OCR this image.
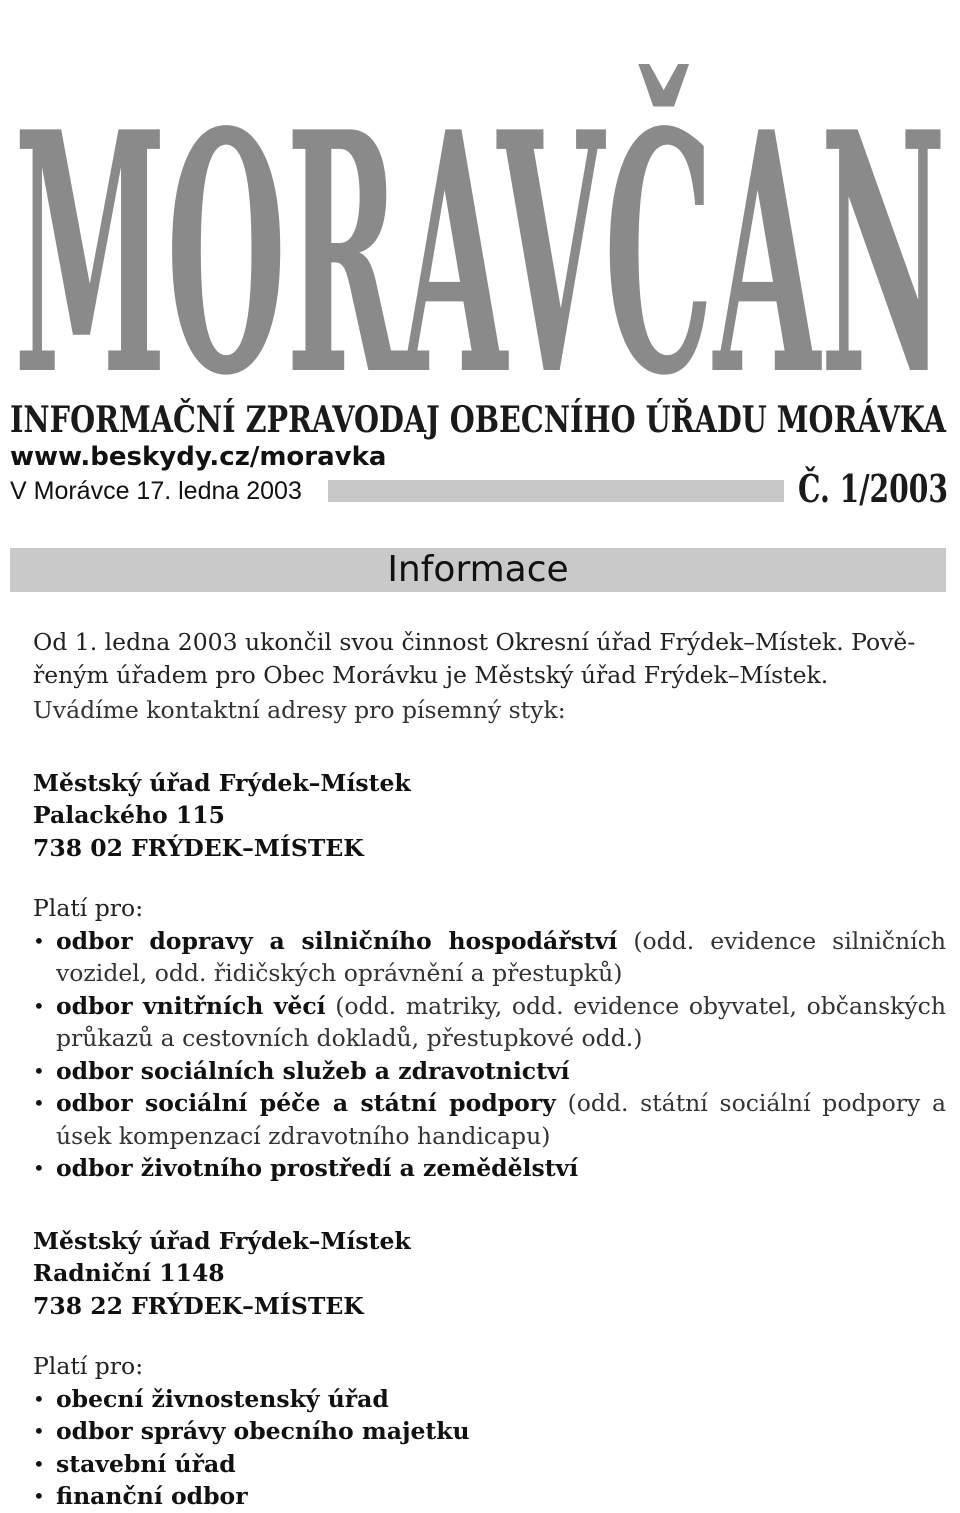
MORAVČAN
INFORMAČNÍ ZPRAVODAJ OBECNÍHO ÚŘADU MORÁVKA
www.beskydy.cz/moravka
V Morávce 17. ledna 2003	Č. 1/2003
Informace

Od 1. ledna 2003 ukončil svou činnost Okresní úřad Frýdek–Místek. Pově-

řeným úřadem pro Obec Morávku je Městský úřad Frýdek–Místek.

Uvádíme kontaktní adresy pro písemný styk:

Městský úřad Frýdek–Místek

Palackého 115

738 02 FRÝDEK–MÍSTEK

Platí pro:

• odbor dopravy a silničního hospodářství (odd. evidence silničních vozidel, odd. řidičských oprávnění a přestupků)
• odbor vnitřních věcí (odd. matriky, odd. evidence obyvatel, občanských průkazů a cestovních dokladů, přestupkové odd.)
• odbor sociálních služeb a zdravotnictví
• odbor sociální péče a státní podpory (odd. státní sociální podpory a úsek kompenzací zdravotního handicapu)
• odbor životního prostředí a zemědělství

Městský úřad Frýdek–Místek

Radniční 1148

738 22 FRÝDEK–MÍSTEK

Platí pro:

• obecní živnostenský úřad
• odbor správy obecního majetku
• stavební úřad
• finanční odbor
